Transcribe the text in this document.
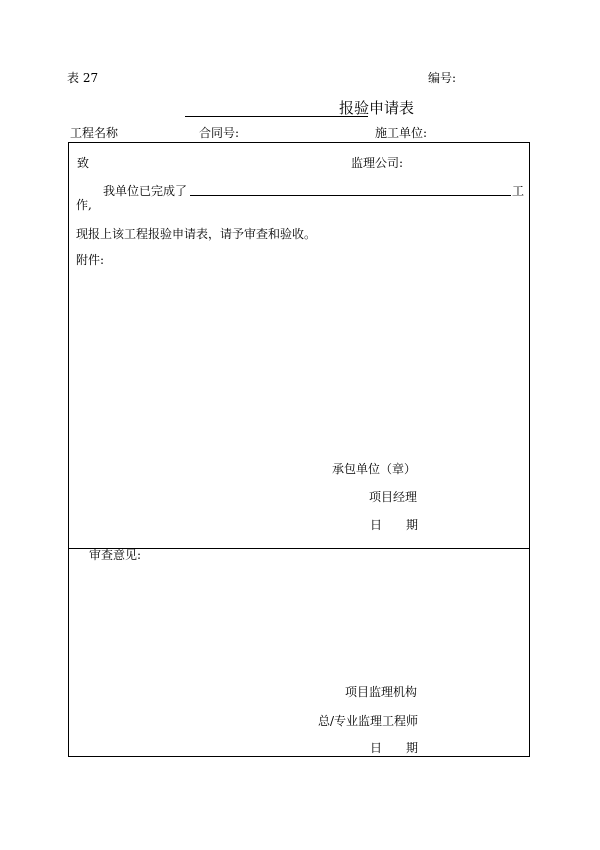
表 27	编号:
报验申请表
工程名称	合同号:	施工单位:
致	监理公司:
我单位已完成了	工
作,
现报上该工程报验申请表，请予审查和验收。
附件:
承包单位（章）
项目经理
日　　期
审查意见:
项目监理机构
总/专业监理工程师
日　　期
